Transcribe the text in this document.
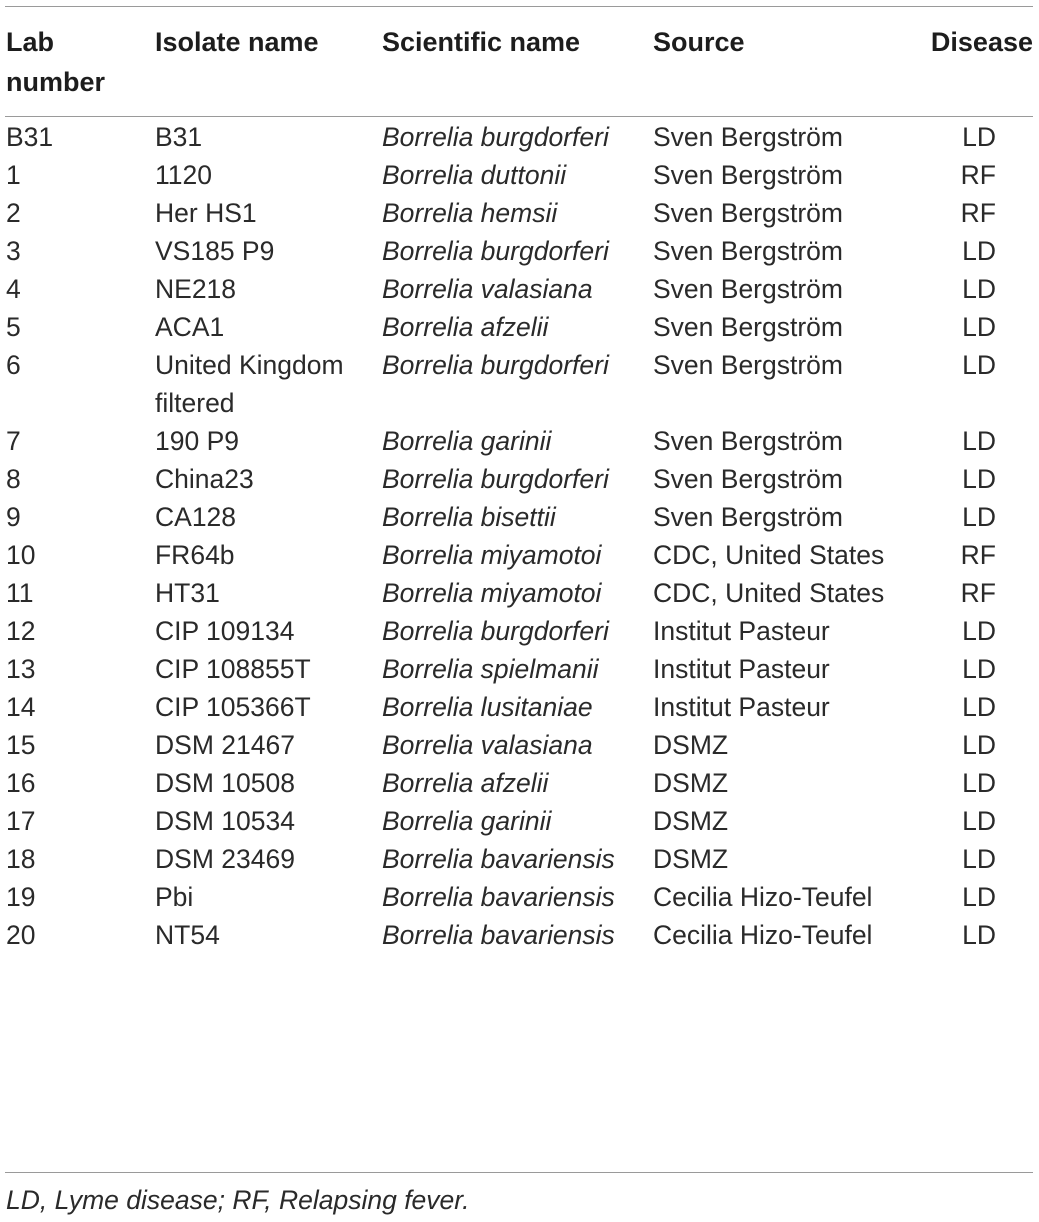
Lab number	Isolate name	Scientific name	Source	Disease
B31	B31	Borrelia burgdorferi	Sven Bergström	LD
1	1120	Borrelia duttonii	Sven Bergström	RF
2	Her HS1	Borrelia hemsii	Sven Bergström	RF
3	VS185 P9	Borrelia burgdorferi	Sven Bergström	LD
4	NE218	Borrelia valasiana	Sven Bergström	LD
5	ACA1	Borrelia afzelii	Sven Bergström	LD
6	United Kingdom filtered	Borrelia burgdorferi	Sven Bergström	LD
7	190 P9	Borrelia garinii	Sven Bergström	LD
8	China23	Borrelia burgdorferi	Sven Bergström	LD
9	CA128	Borrelia bisettii	Sven Bergström	LD
10	FR64b	Borrelia miyamotoi	CDC, United States	RF
11	HT31	Borrelia miyamotoi	CDC, United States	RF
12	CIP 109134	Borrelia burgdorferi	Institut Pasteur	LD
13	CIP 108855T	Borrelia spielmanii	Institut Pasteur	LD
14	CIP 105366T	Borrelia lusitaniae	Institut Pasteur	LD
15	DSM 21467	Borrelia valasiana	DSMZ	LD
16	DSM 10508	Borrelia afzelii	DSMZ	LD
17	DSM 10534	Borrelia garinii	DSMZ	LD
18	DSM 23469	Borrelia bavariensis	DSMZ	LD
19	Pbi	Borrelia bavariensis	Cecilia Hizo-Teufel	LD
20	NT54	Borrelia bavariensis	Cecilia Hizo-Teufel	LD
LD, Lyme disease; RF, Relapsing fever.
